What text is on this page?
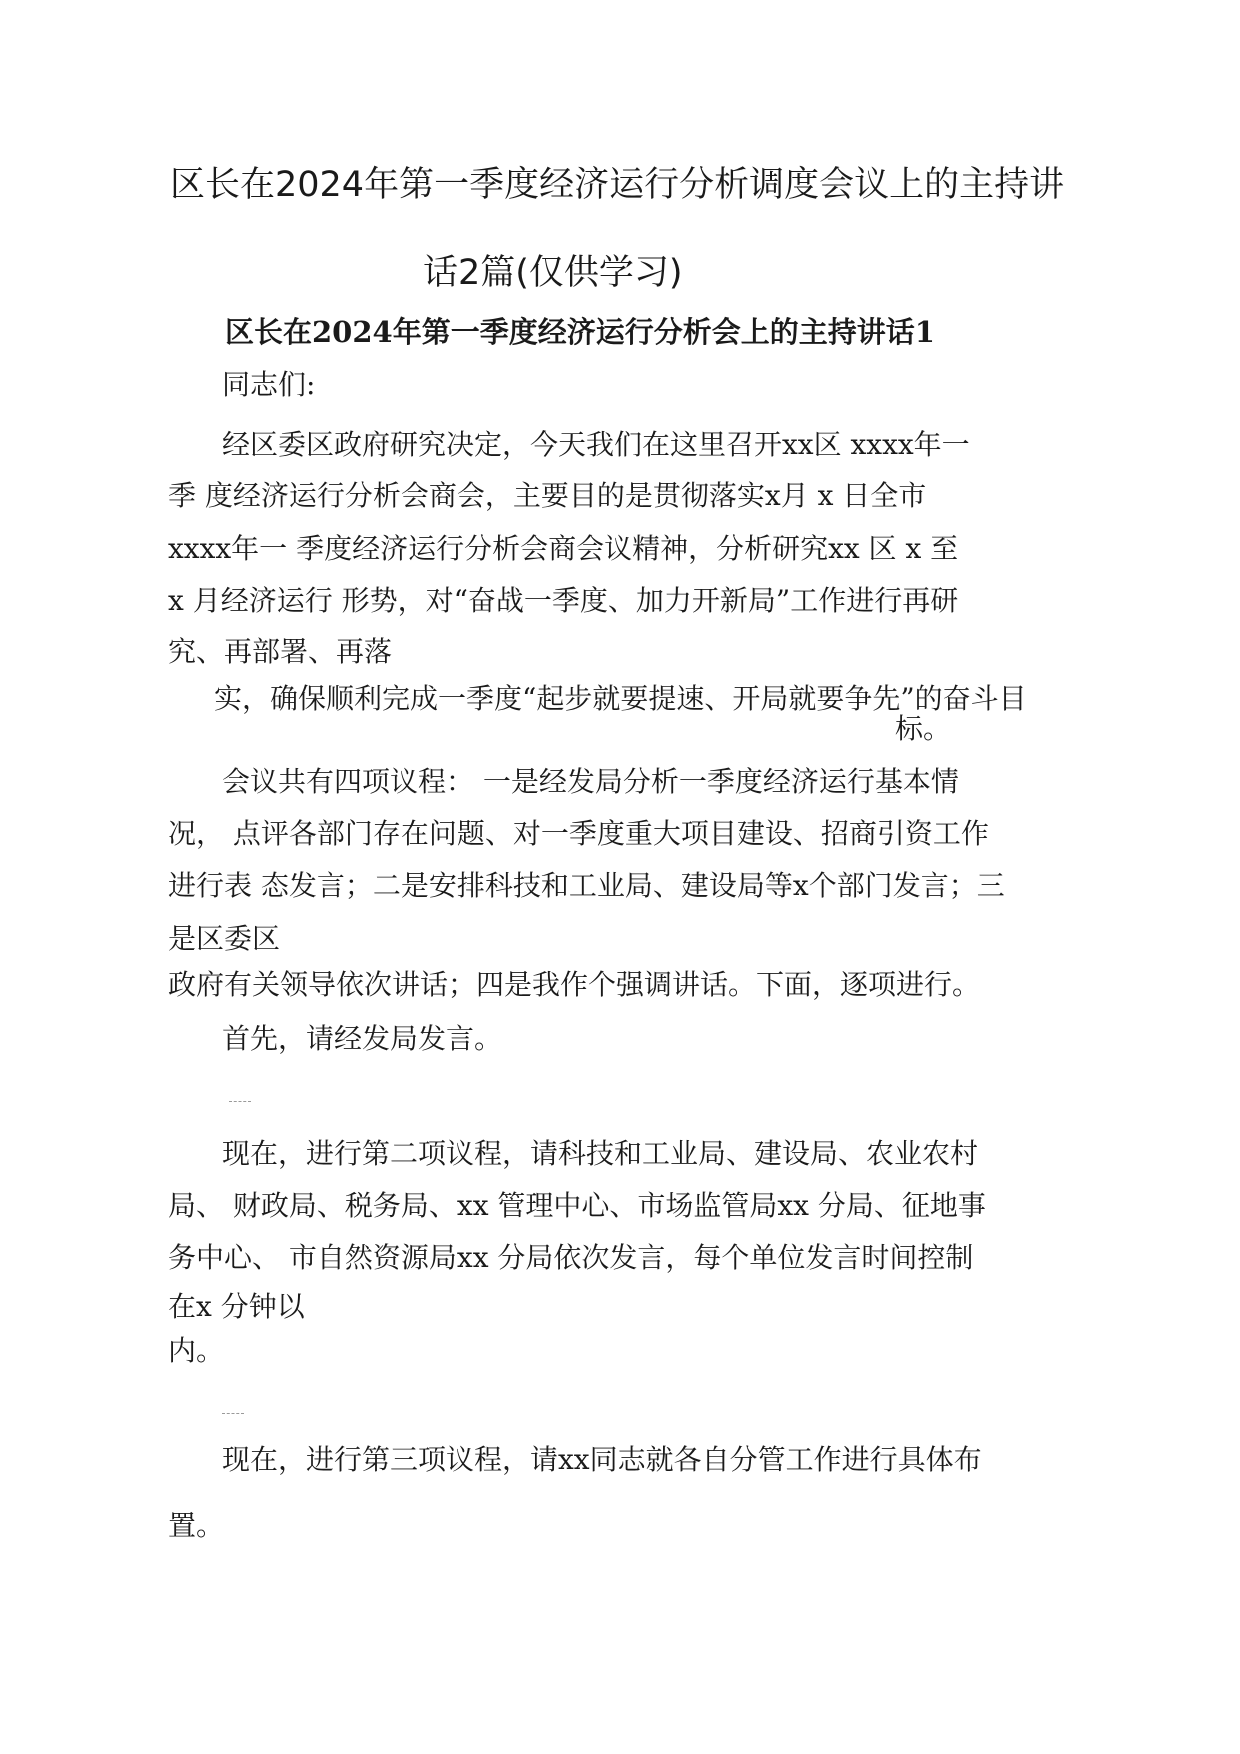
区长在2024年第一季度经济运行分析调度会议上的主持讲
话2篇(仅供学习)
区长在2024年第一季度经济运行分析会上的主持讲话1
同志们:
经区委区政府研究决定，今天我们在这里召开xx区 xxxx年一
季 度经济运行分析会商会，主要目的是贯彻落实x月 x 日全市
xxxx年一 季度经济运行分析会商会议精神，分析研究xx 区 x 至
x 月经济运行 形势，对“奋战一季度、加力开新局”工作进行再研
究、再部署、再落
实，确保顺利完成一季度“起步就要提速、开局就要争先”的奋斗目
标。
会议共有四项议程： 一是经发局分析一季度经济运行基本情
况， 点评各部门存在问题、对一季度重大项目建设、招商引资工作
进行表 态发言；二是安排科技和工业局、建设局等x个部门发言；三
是区委区
政府有关领导依次讲话；四是我作个强调讲话。下面，逐项进行。
首先，请经发局发言。
现在，进行第二项议程，请科技和工业局、建设局、农业农村
局、 财政局、税务局、xx 管理中心、市场监管局xx 分局、征地事
务中心、 市自然资源局xx 分局依次发言，每个单位发言时间控制
在x 分钟以
内。
现在，进行第三项议程，请xx同志就各自分管工作进行具体布
置。
